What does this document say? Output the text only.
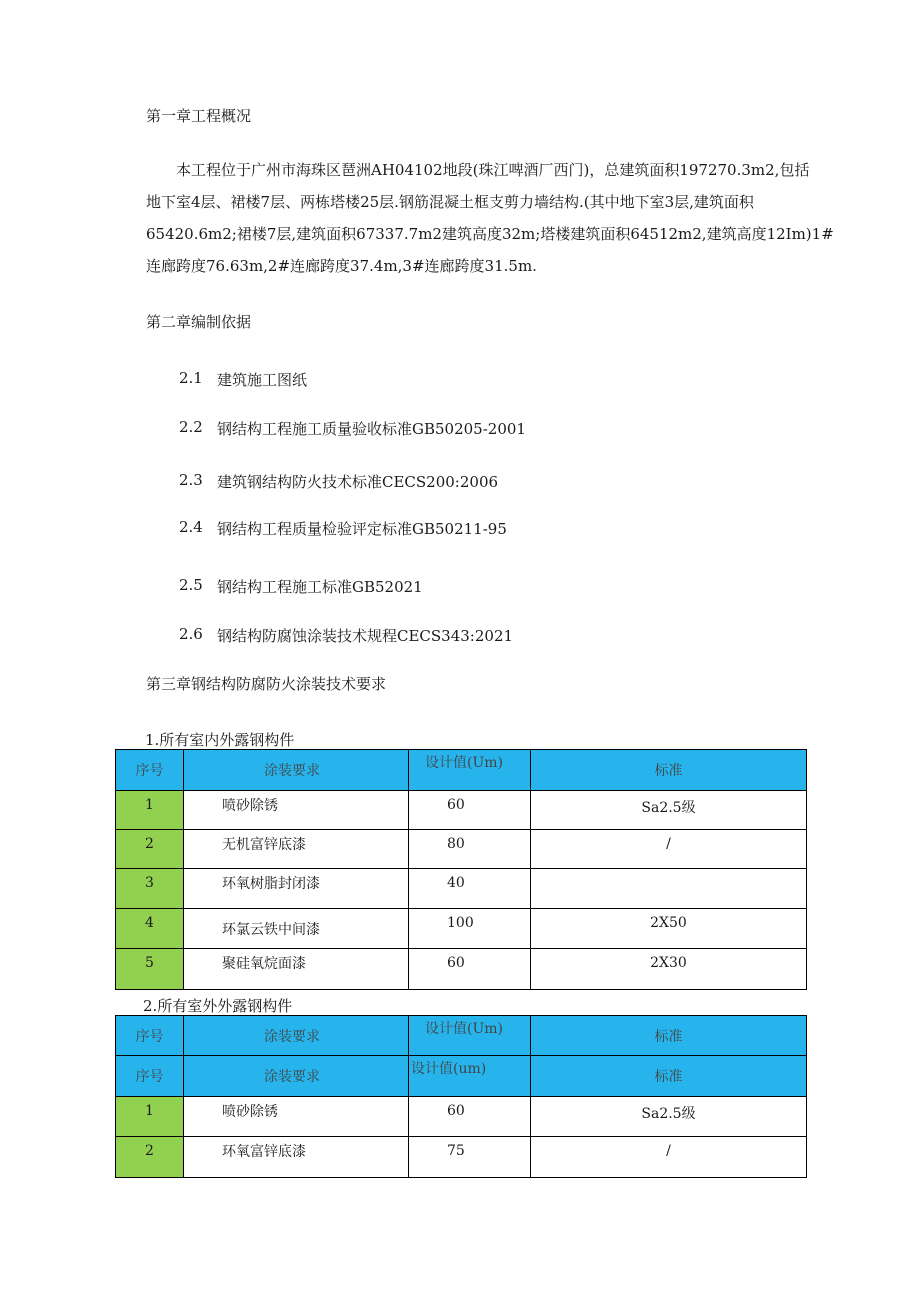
第一章工程概况
本工程位于广州市海珠区琶洲AH04102地段(珠江啤酒厂西门)，总建筑面积197270.3m2,包括
地下室4层、裙楼7层、两栋塔楼25层.钢筋混凝土框支剪力墙结构.(其中地下室3层,建筑面积
65420.6m2;裙楼7层,建筑面积67337.7m2建筑高度32m;塔楼建筑面积64512m2,建筑高度12Im)1#
连廊跨度76.63m,2#连廊跨度37.4m,3#连廊跨度31.5m.
第二章编制依据
2.1 建筑施工图纸
2.2 钢结构工程施工质量验收标准GB50205-2001
2.3 建筑钢结构防火技术标准CECS200:2006
2.4 钢结构工程质量检验评定标准GB50211-95
2.5 钢结构工程施工标准GB52021
2.6 钢结构防腐蚀涂装技术规程CECS343:2021
第三章钢结构防腐防火涂装技术要求
1.所有室内外露钢构件
序号	涂装要求	设计值(Um)	标准

1	喷砂除锈	60	Sa2.5级

2	无机富锌底漆	80	/

3	环氧树脂封闭漆	40	

4	环氯云铁中间漆	100	2X50

5	聚硅氧烷面漆	60	2X30
2.所有室外外露钢构件
序号	涂装要求	设计值(Um)	标准

序号	涂装要求	设计值(um)	标准

1	喷砂除锈	60	Sa2.5级

2	环氧富锌底漆	75	/
